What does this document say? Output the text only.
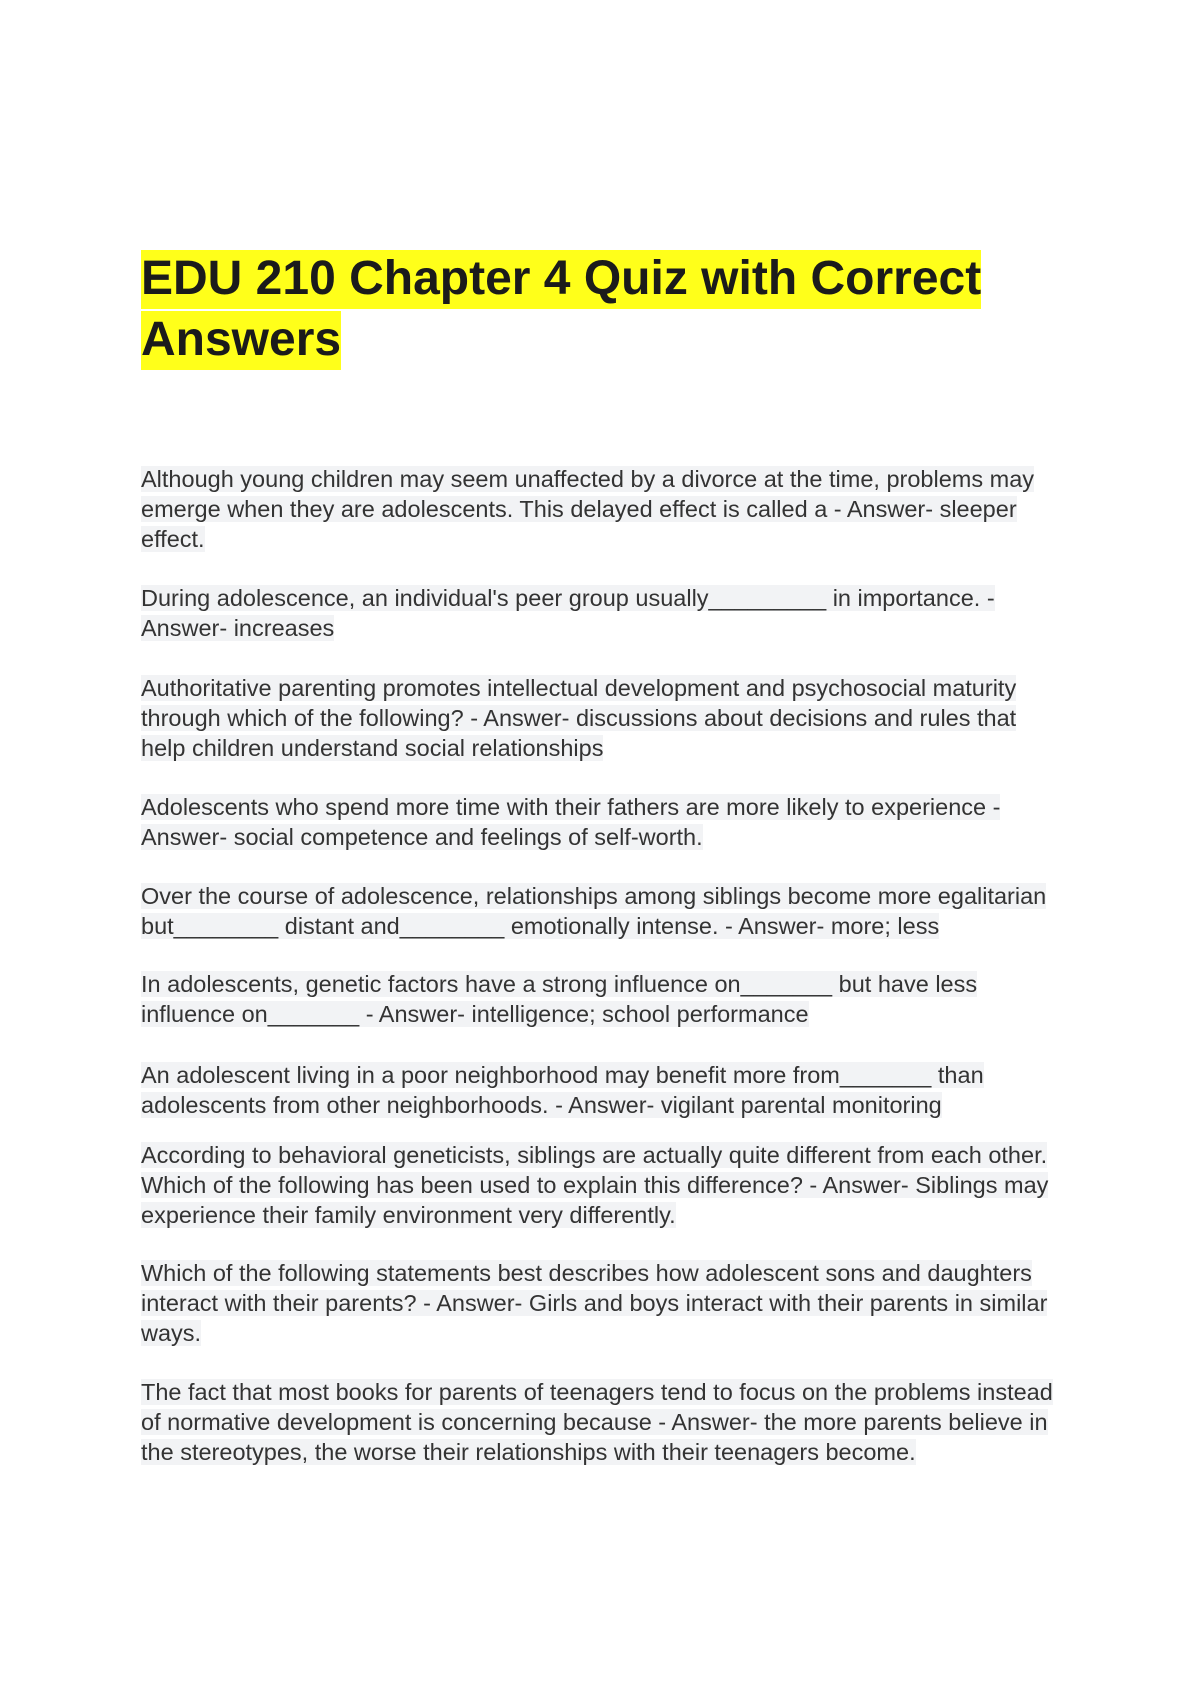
EDU 210 Chapter 4 Quiz with Correct Answers

Although young children may seem unaffected by a divorce at the time, problems may emerge when they are adolescents. This delayed effect is called a - Answer- sleeper effect.

During adolescence, an individual's peer group usually_________ in importance. - Answer- increases

Authoritative parenting promotes intellectual development and psychosocial maturity through which of the following? - Answer- discussions about decisions and rules that help children understand social relationships

Adolescents who spend more time with their fathers are more likely to experience - Answer- social competence and feelings of self-worth.

Over the course of adolescence, relationships among siblings become more egalitarian but________ distant and________ emotionally intense. - Answer- more; less

In adolescents, genetic factors have a strong influence on_______ but have less influence on_______ - Answer- intelligence; school performance

An adolescent living in a poor neighborhood may benefit more from_______ than adolescents from other neighborhoods. - Answer- vigilant parental monitoring

According to behavioral geneticists, siblings are actually quite different from each other. Which of the following has been used to explain this difference? - Answer- Siblings may experience their family environment very differently.

Which of the following statements best describes how adolescent sons and daughters interact with their parents? - Answer- Girls and boys interact with their parents in similar ways.

The fact that most books for parents of teenagers tend to focus on the problems instead of normative development is concerning because - Answer- the more parents believe in the stereotypes, the worse their relationships with their teenagers become.
